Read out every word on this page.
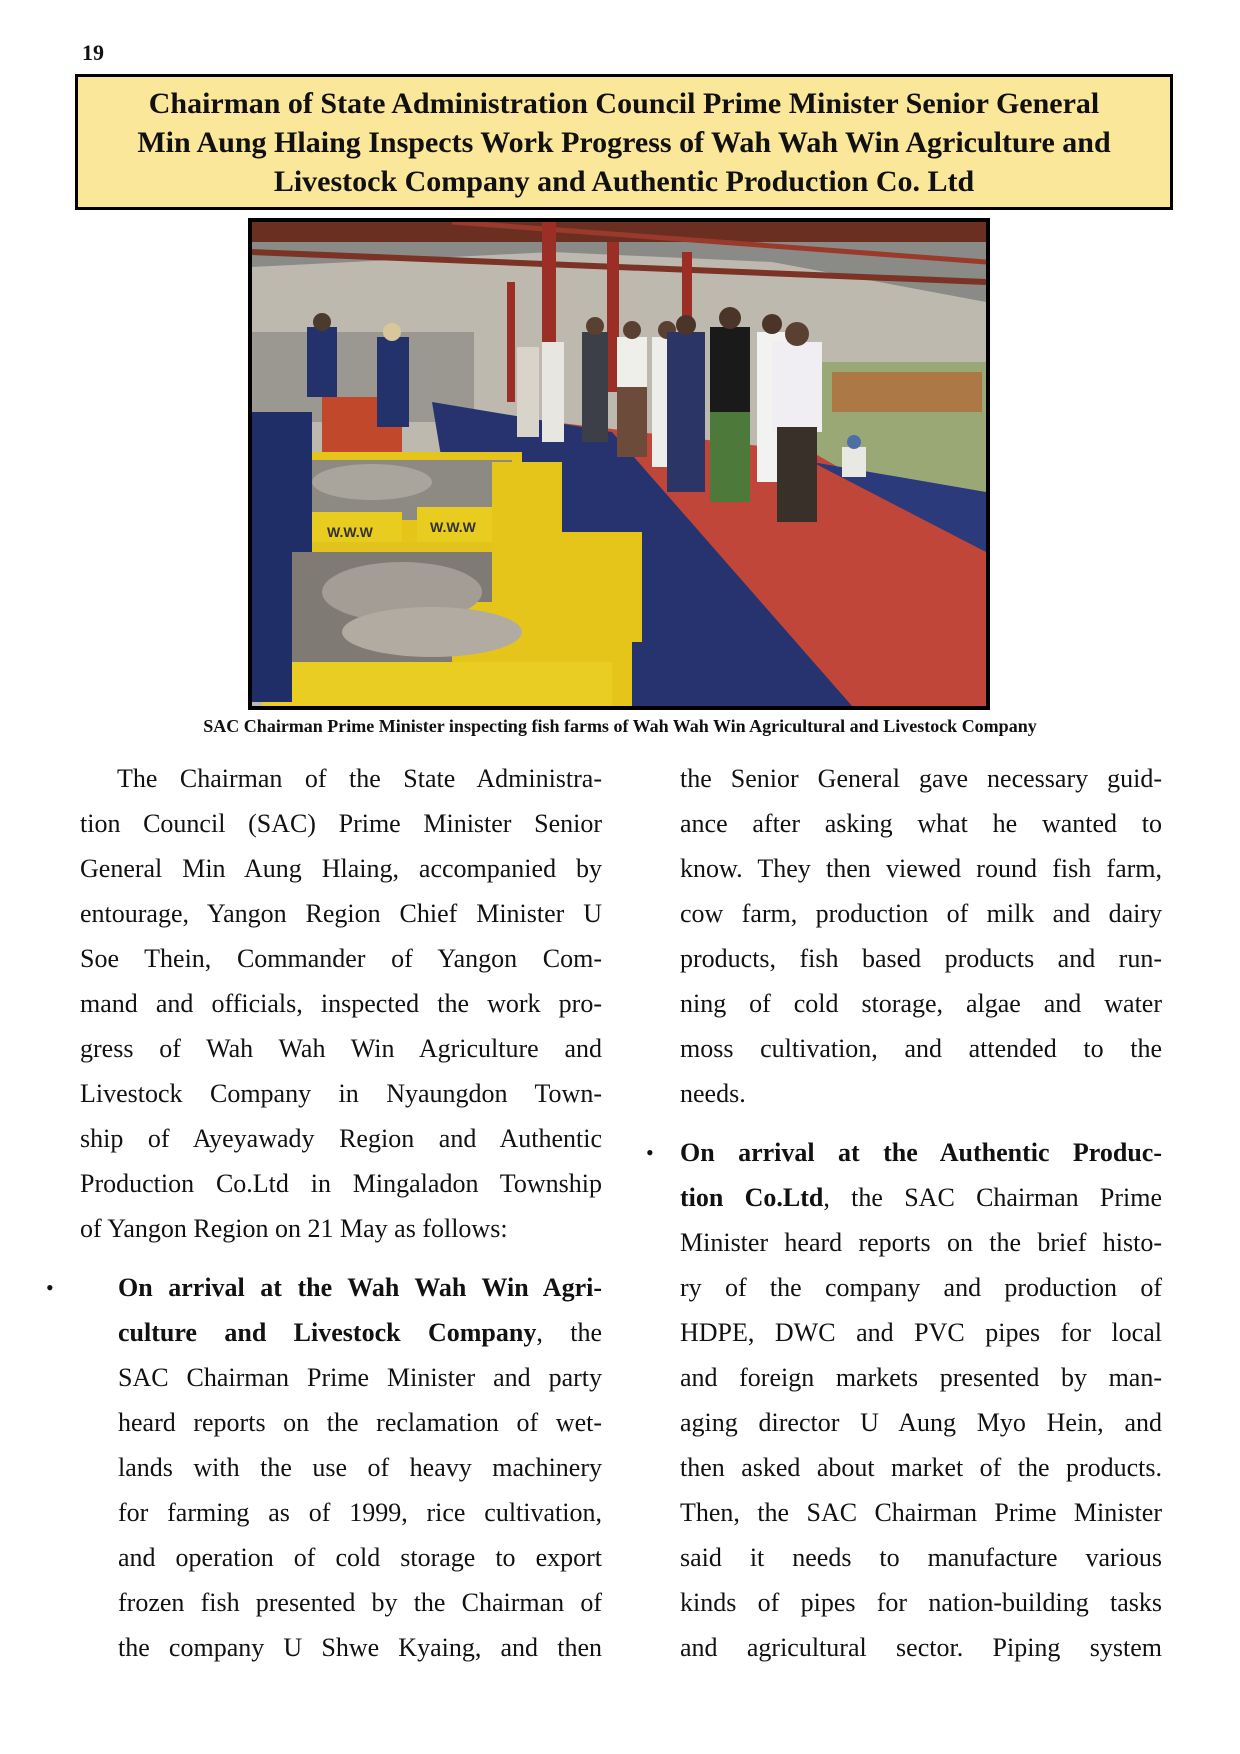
19
Chairman of State Administration Council Prime Minister Senior General
Min Aung Hlaing Inspects Work Progress of Wah Wah Win Agriculture and
Livestock Company and Authentic Production Co. Ltd
W.W.W	W.W.W
SAC Chairman Prime Minister inspecting fish farms of Wah Wah Win Agricultural and Livestock Company
The Chairman of the State Administra-
tion Council (SAC) Prime Minister Senior
General Min Aung Hlaing, accompanied by
entourage, Yangon Region Chief Minister U
Soe Thein, Commander of Yangon Com-
mand and officials, inspected the work pro-
gress of Wah Wah Win Agriculture and
Livestock Company in Nyaungdon Town-
ship of Ayeyawady Region and Authentic
Production Co.Ltd in Mingaladon Township
of Yangon Region on 21 May as follows:
• On arrival at the Wah Wah Win Agri-
culture and Livestock Company, the
SAC Chairman Prime Minister and party
heard reports on the reclamation of wet-
lands with the use of heavy machinery
for farming as of 1999, rice cultivation,
and operation of cold storage to export
frozen fish presented by the Chairman of
the company U Shwe Kyaing, and then
the Senior General gave necessary guid-
ance after asking what he wanted to
know. They then viewed round fish farm,
cow farm, production of milk and dairy
products, fish based products and run-
ning of cold storage, algae and water
moss cultivation, and attended to the
needs.
• On arrival at the Authentic Produc-
tion Co.Ltd, the SAC Chairman Prime
Minister heard reports on the brief histo-
ry of the company and production of
HDPE, DWC and PVC pipes for local
and foreign markets presented by man-
aging director U Aung Myo Hein, and
then asked about market of the products.
Then, the SAC Chairman Prime Minister
said it needs to manufacture various
kinds of pipes for nation-building tasks
and agricultural sector. Piping system
